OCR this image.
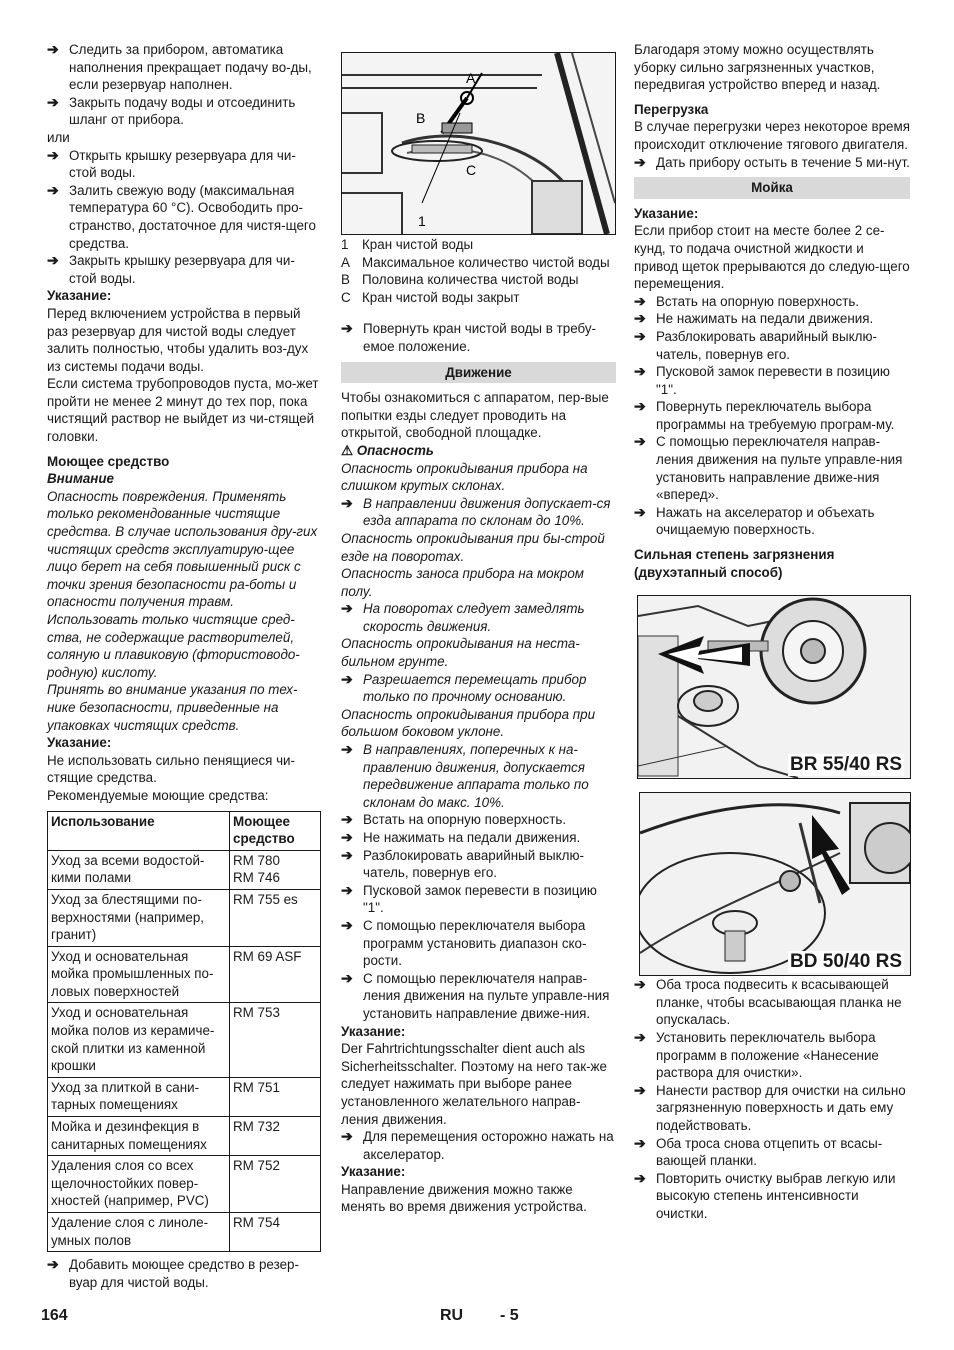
➔ Следить за прибором, автоматика наполнения прекращает подачу во-ды, если резервуар наполнен.

➔ Закрыть подачу воды и отсоединить шланг от прибора.

или

➔ Открыть крышку резервуара для чи-стой воды.

➔ Залить свежую воду (максимальная температура 60 °C). Освободить про-странство, достаточное для чистя-щего средства.

➔ Закрыть крышку резервуара для чи-стой воды.

Указание:

Перед включением устройства в первый раз резервуар для чистой воды следует залить полностью, чтобы удалить воз-дух из системы подачи воды.

Если система трубопроводов пуста, мо-жет пройти не менее 2 минут до тех пор, пока чистящий раствор не выйдет из чи-стящей головки.

Моющее средство

Внимание

Опасность повреждения. Применять только рекомендованные чистящие средства. В случае использования дру-гих чистящих средств эксплуатирую-щее лицо берет на себя повышенный риск с точки зрения безопасности ра-боты и опасности получения травм. Использовать только чистящие сред-ства, не содержащие растворителей, соляную и плавиковую (фтористоводо-родную) кислоту.

Принять во внимание указания по тех-нике безопасности, приведенные на упаковках чистящих средств.

Указание:

Не использовать сильно пенящиеся чи-стящие средства.

Рекомендуемые моющие средства:

Использование	Моющее средство
Уход за всеми водостой-кими полами	RM 780
RM 746
Уход за блестящими по-верхностями (например, гранит)	RM 755 es
Уход и основательная мойка промышленных по-ловых поверхностей	RM 69 ASF
Уход и основательная мойка полов из керамиче-ской плитки из каменной крошки	RM 753
Уход за плиткой в сани-тарных помещениях	RM 751
Мойка и дезинфекция в санитарных помещениях	RM 732
Удаления слоя со всех щелочностойких повер-хностей (например, PVC)	RM 752
Удаление слоя с линоле-умных полов	RM 754

➔ Добавить моющее средство в резер-вуар для чистой воды.

A
B
C
1
1	Кран чистой воды
A Максимальное количество чистой воды
B Половина количества чистой воды
C Кран чистой воды закрыт

➔ Повернуть кран чистой воды в требу-емое положение.

Движение

Чтобы ознакомиться с аппаратом, пер-вые попытки езды следует проводить на открытой, свободной площадке.

⚠ Опасность

Опасность опрокидывания прибора на слишком крутых склонах.

➔ В направлении движения допускает-ся езда аппарата по склонам до 10%.

Опасность опрокидывания при бы-строй езде на поворотах.

Опасность заноса прибора на мокром полу.

➔ На поворотах следует замедлять скорость движения.

Опасность опрокидывания на неста-бильном грунте.

➔ Разрешается перемещать прибор только по прочному основанию.

Опасность опрокидывания прибора при большом боковом уклоне.

➔ В направлениях, поперечных к на-правлению движения, допускается передвижение аппарата только по склонам до макс. 10%.

➔ Встать на опорную поверхность.

➔ Не нажимать на педали движения.

➔ Разблокировать аварийный выклю-чатель, повернув его.

➔ Пусковой замок перевести в позицию "1".

➔ С помощью переключателя выбора программ установить диапазон ско-рости.

➔ С помощью переключателя направ-ления движения на пульте управле-ния установить направление движе-ния.

Указание:

Der Fahrtrichtungsschalter dient auch als Sicherheitsschalter. Поэтому на него так-же следует нажимать при выборе ранее установленного желательного направ-ления движения.

➔ Для перемещения осторожно нажать на акселератор.

Указание:

Направление движения можно также менять во время движения устройства.

Благодаря этому можно осуществлять уборку сильно загрязненных участков, передвигая устройство вперед и назад.

Перегрузка

В случае перегрузки через некоторое время происходит отключение тягового двигателя.

➔ Дать прибору остыть в течение 5 ми-нут.

Мойка

Указание:

Если прибор стоит на месте более 2 се-кунд, то подача очистной жидкости и привод щеток прерываются до следую-щего перемещения.

➔ Встать на опорную поверхность.

➔ Не нажимать на педали движения.

➔ Разблокировать аварийный выклю-чатель, повернув его.

➔ Пусковой замок перевести в позицию "1".

➔ Повернуть переключатель выбора программы на требуемую програм-му.

➔ С помощью переключателя направ-ления движения на пульте управле-ния установить направление движе-ния «вперед».

➔ Нажать на акселератор и объехать очищаемую поверхность.

Сильная степень загрязнения (двухэтапный способ)

BR 55/40 RS
BD 50/40 RS

➔ Оба троса подвесить к всасывающей планке, чтобы всасывающая планка не опускалась.

➔ Установить переключатель выбора программ в положение «Нанесение раствора для очистки».

➔ Нанести раствор для очистки на сильно загрязненную поверхность и дать ему подействовать.

➔ Оба троса снова отцепить от всасы-вающей планки.

➔ Повторить очистку выбрав легкую или высокую степень интенсивности очистки.

164	RU - 5
